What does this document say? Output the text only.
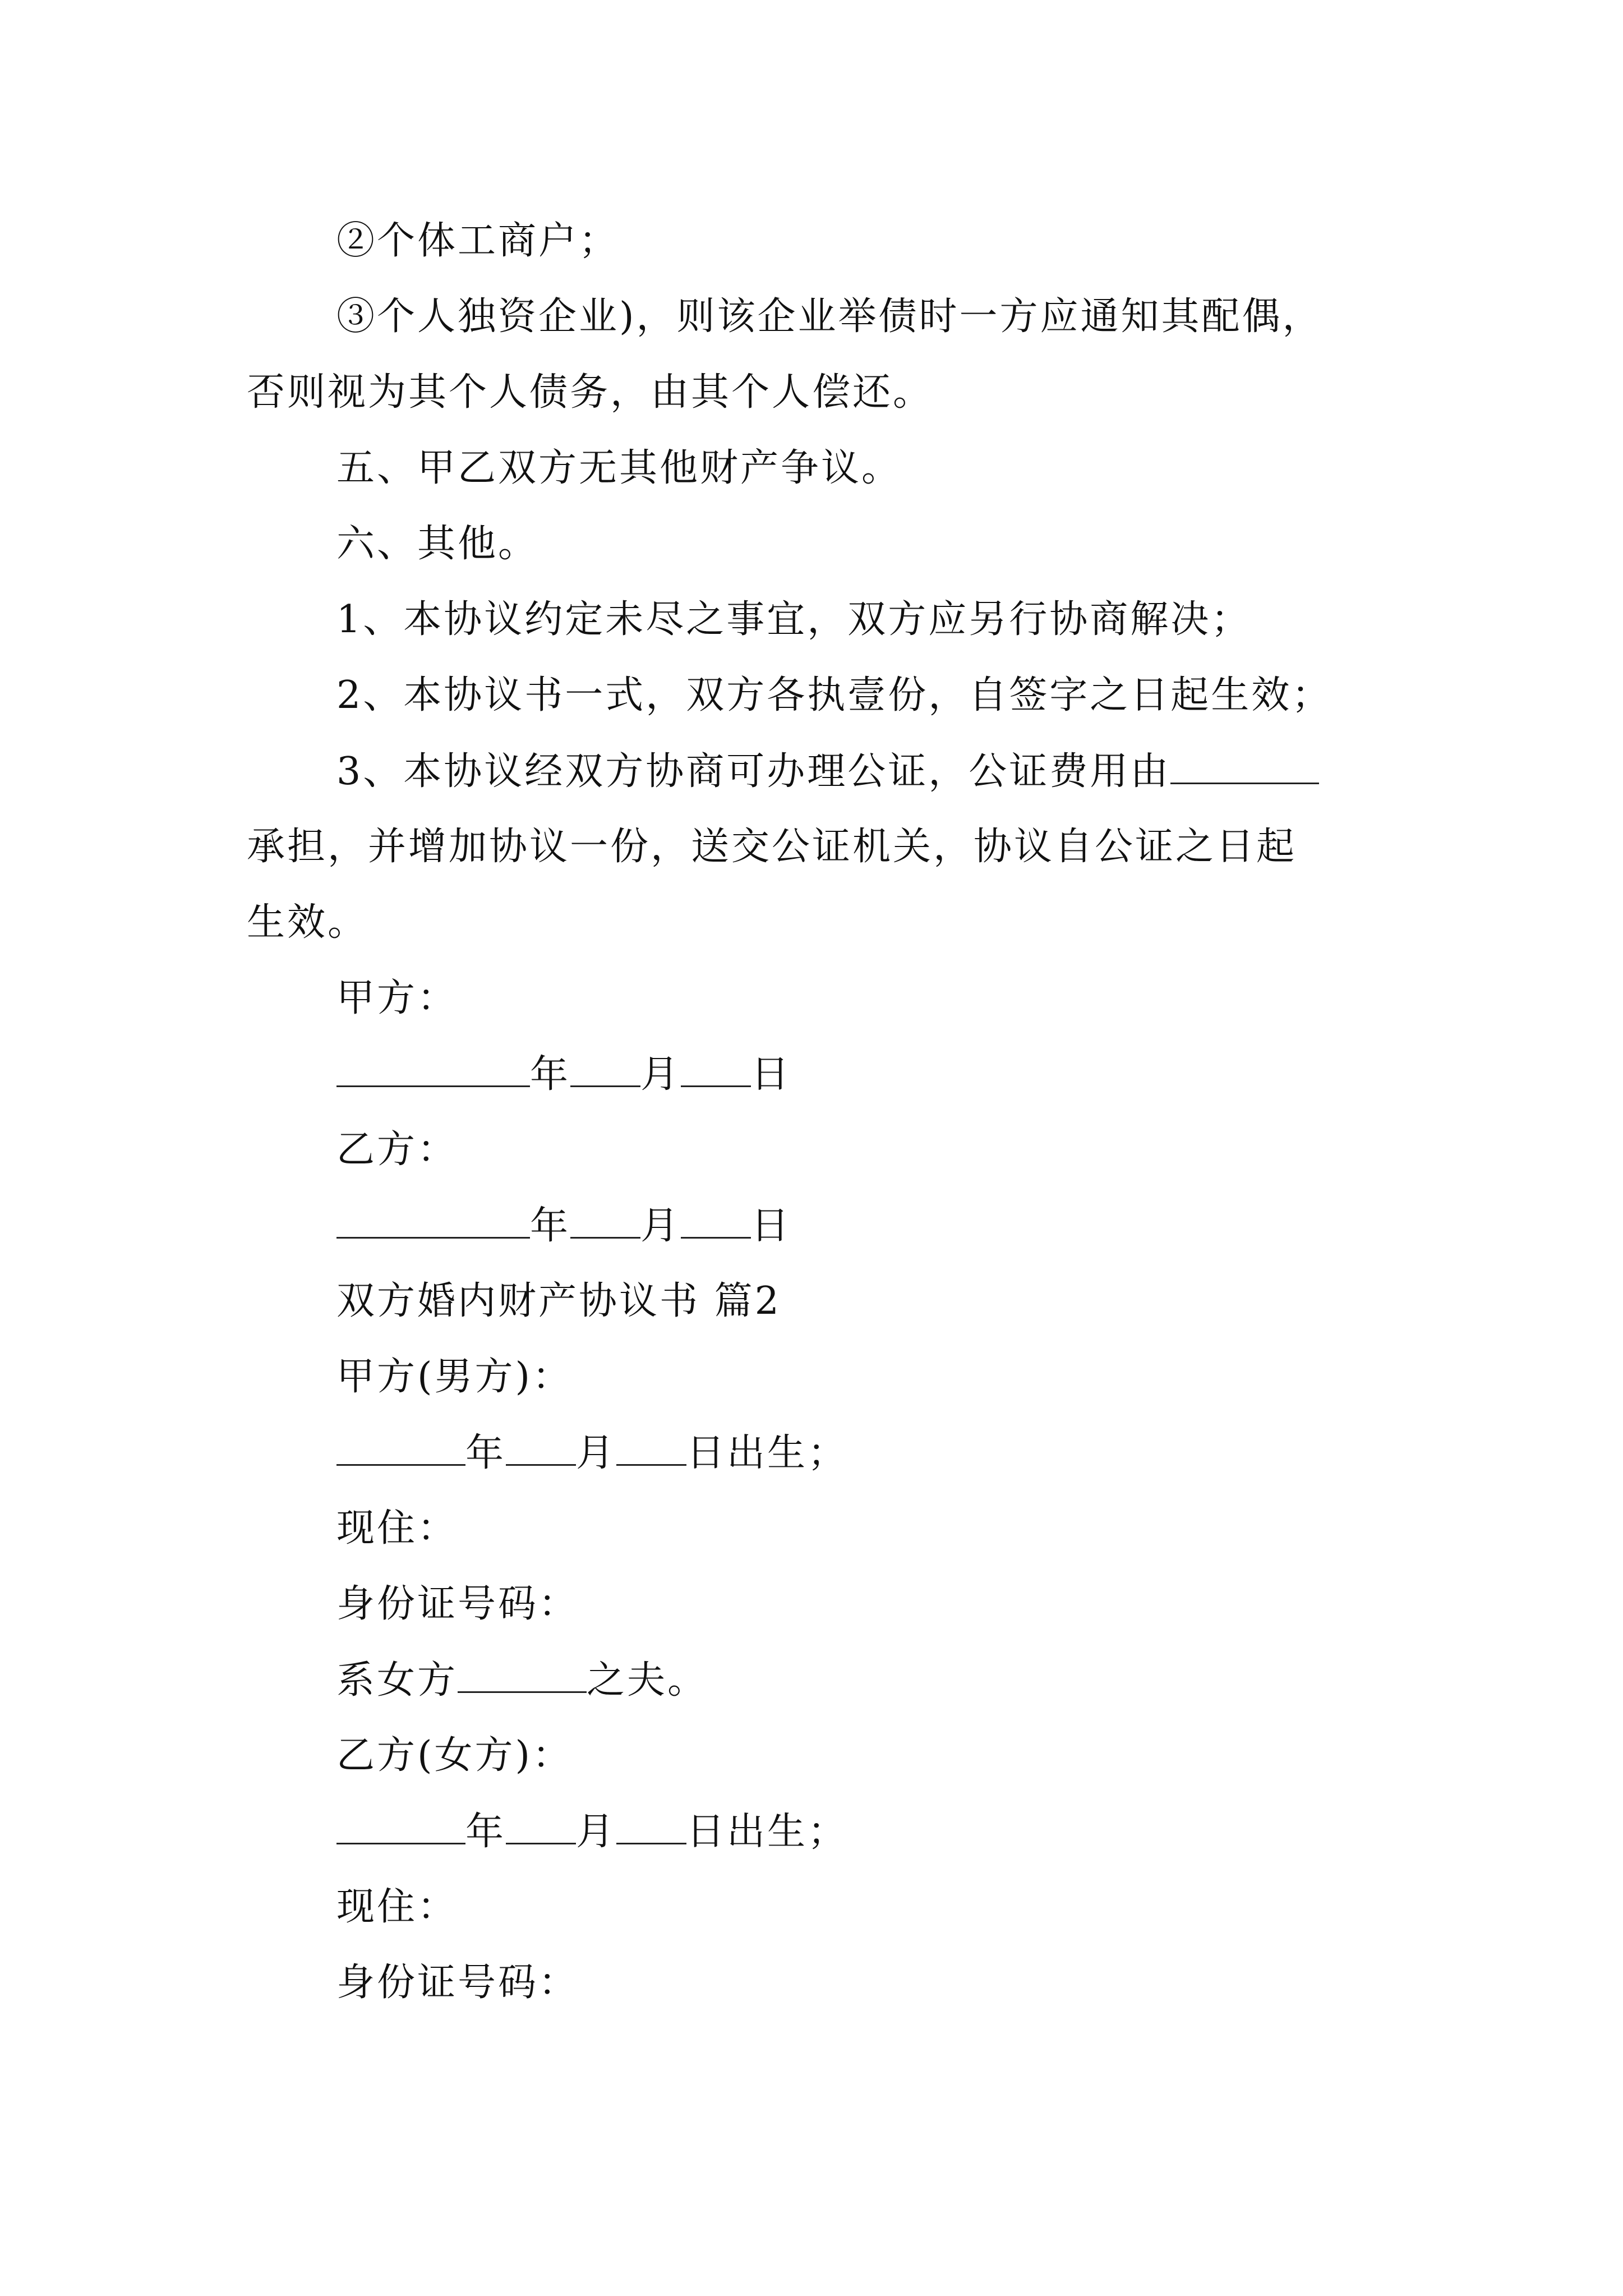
②个体工商户；

③个人独资企业)，则该企业举债时一方应通知其配偶，

否则视为其个人债务，由其个人偿还。

五、甲乙双方无其他财产争议。

六、其他。

1、本协议约定未尽之事宜，双方应另行协商解决；

2、本协议书一式，双方各执壹份，自签字之日起生效；

3、本协议经双方协商可办理公证，公证费用由

承担，并增加协议一份，送交公证机关，协议自公证之日起

生效。

甲方：

年 月 日

乙方：

年 月 日

双方婚内财产协议书 篇2

甲方(男方)：

年 月 日出生；

现住：

身份证号码：

系女方	之夫。

乙方(女方)：

年 月 日出生；

现住：

身份证号码：
